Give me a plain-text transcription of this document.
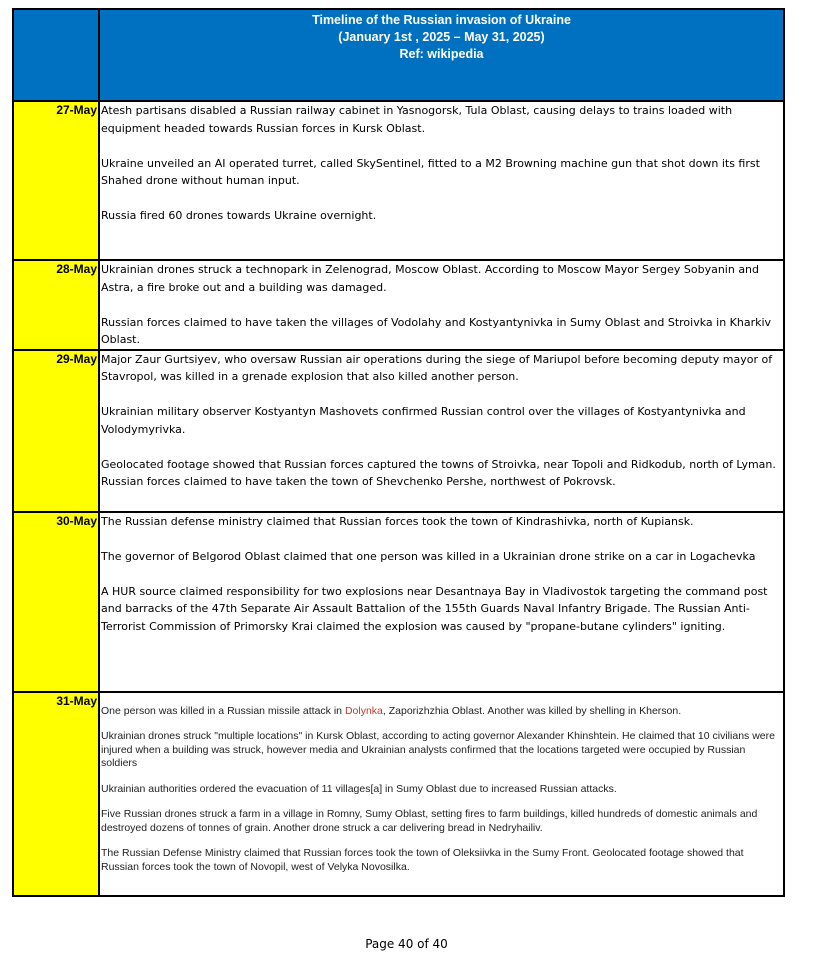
	Timeline of the Russian invasion of Ukraine
(January 1st , 2025 – May 31, 2025)
Ref: wikipedia

27-May	Atesh partisans disabled a Russian railway cabinet in Yasnogorsk, Tula Oblast, causing delays to trains loaded with equipment headed towards Russian forces in Kursk Oblast.

Ukraine unveiled an AI operated turret, called SkySentinel, fitted to a M2 Browning machine gun that shot down its first Shahed drone without human input.

Russia fired 60 drones towards Ukraine overnight.

28-May	Ukrainian drones struck a technopark in Zelenograd, Moscow Oblast. According to Moscow Mayor Sergey Sobyanin and Astra, a fire broke out and a building was damaged.

Russian forces claimed to have taken the villages of Vodolahy and Kostyantynivka in Sumy Oblast and Stroivka in Kharkiv Oblast.

29-May	Major Zaur Gurtsiyev, who oversaw Russian air operations during the siege of Mariupol before becoming deputy mayor of Stavropol, was killed in a grenade explosion that also killed another person.

Ukrainian military observer Kostyantyn Mashovets confirmed Russian control over the villages of Kostyantynivka and Volodymyrivka.

Geolocated footage showed that Russian forces captured the towns of Stroivka, near Topoli and Ridkodub, north of Lyman. Russian forces claimed to have taken the town of Shevchenko Pershe, northwest of Pokrovsk.

30-May	The Russian defense ministry claimed that Russian forces took the town of Kindrashivka, north of Kupiansk.

The governor of Belgorod Oblast claimed that one person was killed in a Ukrainian drone strike on a car in Logachevka

A HUR source claimed responsibility for two explosions near Desantnaya Bay in Vladivostok targeting the command post and barracks of the 47th Separate Air Assault Battalion of the 155th Guards Naval Infantry Brigade. The Russian Anti-Terrorist Commission of Primorsky Krai claimed the explosion was caused by "propane-butane cylinders" igniting.

31-May	One person was killed in a Russian missile attack in Dolynka, Zaporizhzhia Oblast. Another was killed by shelling in Kherson.

Ukrainian drones struck "multiple locations" in Kursk Oblast, according to acting governor Alexander Khinshtein. He claimed that 10 civilians were injured when a building was struck, however media and Ukrainian analysts confirmed that the locations targeted were occupied by Russian soldiers

Ukrainian authorities ordered the evacuation of 11 villages[a] in Sumy Oblast due to increased Russian attacks.

Five Russian drones struck a farm in a village in Romny, Sumy Oblast, setting fires to farm buildings, killed hundreds of domestic animals and destroyed dozens of tonnes of grain. Another drone struck a car delivering bread in Nedryhailiv.

The Russian Defense Ministry claimed that Russian forces took the town of Oleksiivka in the Sumy Front. Geolocated footage showed that Russian forces took the town of Novopil, west of Velyka Novosilka.

Page 40 of 40
